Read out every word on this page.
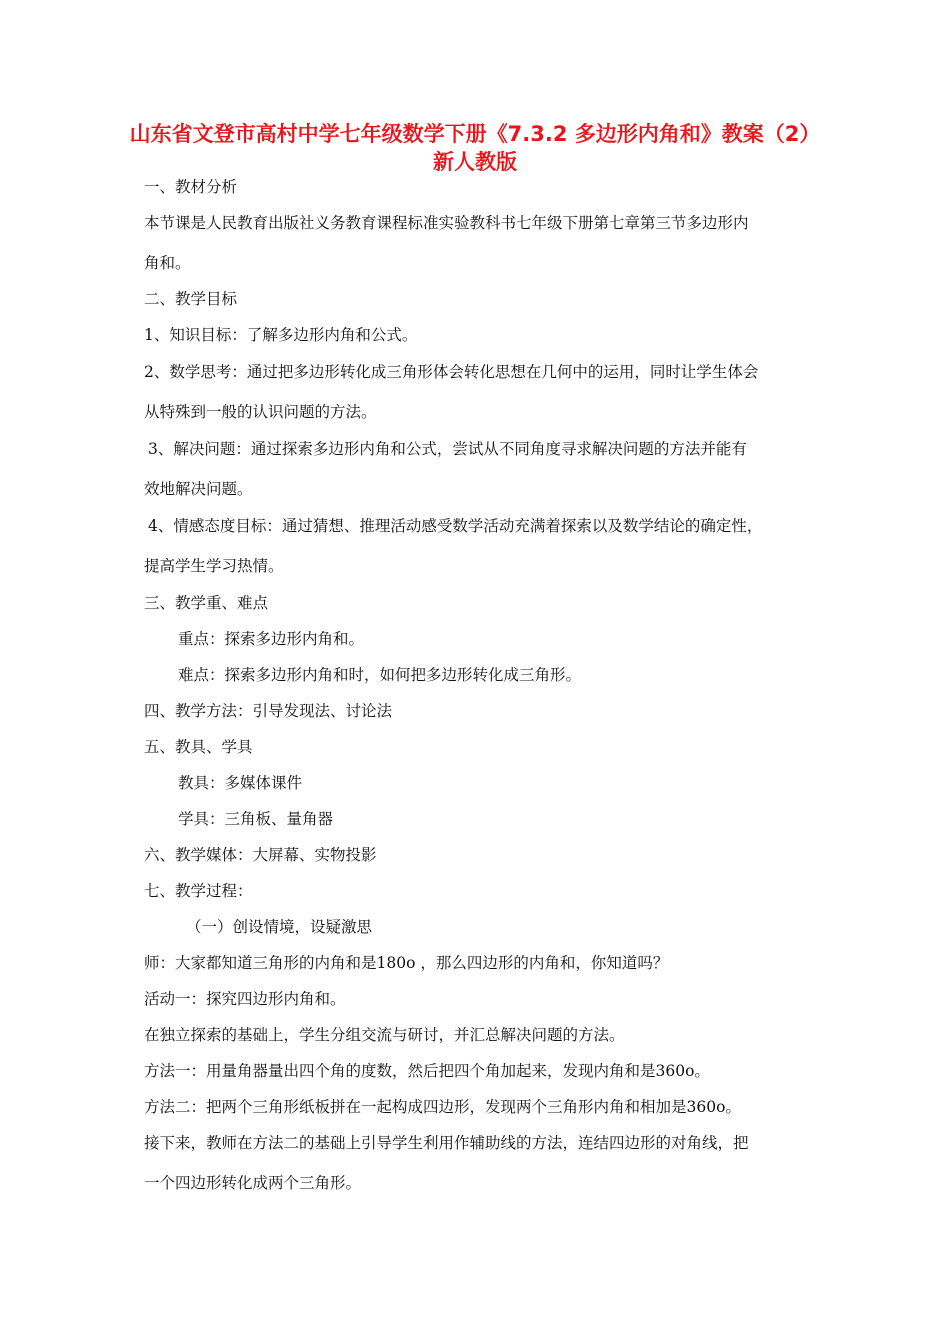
山东省文登市高村中学七年级数学下册《7.3.2 多边形内角和》教案（2） 新人教版
一、教材分析
本节课是人民教育出版社义务教育课程标准实验教科书七年级下册第七章第三节多边形内
角和。
二、教学目标
1、知识目标：了解多边形内角和公式。
2、数学思考：通过把多边形转化成三角形体会转化思想在几何中的运用，同时让学生体会
从特殊到一般的认识问题的方法。
3、解决问题：通过探索多边形内角和公式，尝试从不同角度寻求解决问题的方法并能有
效地解决问题。
4、情感态度目标：通过猜想、推理活动感受数学活动充满着探索以及数学结论的确定性，
提高学生学习热情。
三、教学重、难点
重点：探索多边形内角和。
难点：探索多边形内角和时，如何把多边形转化成三角形。
四、教学方法：引导发现法、讨论法
五、教具、学具
教具：多媒体课件
学具：三角板、量角器
六、教学媒体：大屏幕、实物投影
七、教学过程：
（一）创设情境，设疑激思
师：大家都知道三角形的内角和是180o ，那么四边形的内角和，你知道吗？
活动一：探究四边形内角和。
在独立探索的基础上，学生分组交流与研讨，并汇总解决问题的方法。
方法一：用量角器量出四个角的度数，然后把四个角加起来，发现内角和是360o。
方法二：把两个三角形纸板拼在一起构成四边形，发现两个三角形内角和相加是360o。
接下来，教师在方法二的基础上引导学生利用作辅助线的方法，连结四边形的对角线，把
一个四边形转化成两个三角形。
